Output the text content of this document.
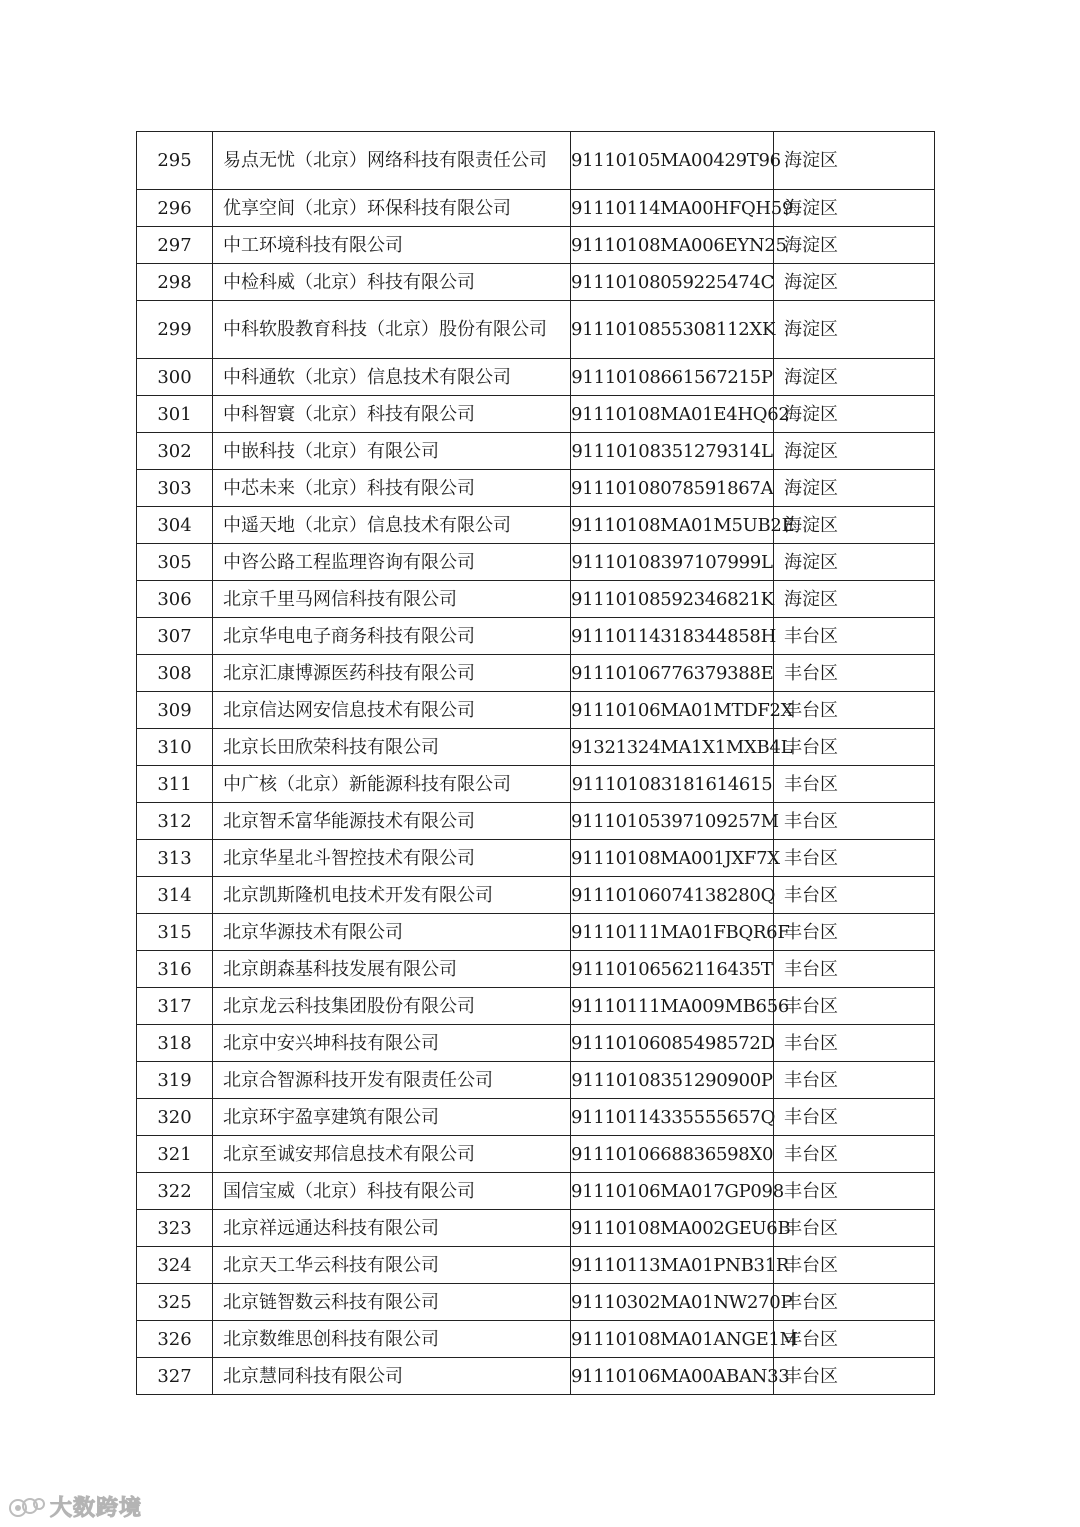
295	易点无忧（北京）网络科技有限责任公司	91110105MA00429T96	海淀区
296	优享空间（北京）环保科技有限公司	91110114MA00HFQH59	海淀区
297	中工环境科技有限公司	91110108MA006EYN25	海淀区
298	中检科威（北京）科技有限公司	91110108059225474C	海淀区
299	中科软股教育科技（北京）股份有限公司	9111010855308112XK	海淀区
300	中科通软（北京）信息技术有限公司	91110108661567215P	海淀区
301	中科智寰（北京）科技有限公司	91110108MA01E4HQ62	海淀区
302	中嵌科技（北京）有限公司	91110108351279314L	海淀区
303	中芯未来（北京）科技有限公司	91110108078591867A	海淀区
304	中遥天地（北京）信息技术有限公司	91110108MA01M5UB2E	海淀区
305	中咨公路工程监理咨询有限公司	91110108397107999L	海淀区
306	北京千里马网信科技有限公司	91110108592346821K	海淀区
307	北京华电电子商务科技有限公司	91110114318344858H	丰台区
308	北京汇康博源医药科技有限公司	91110106776379388E	丰台区
309	北京信达网安信息技术有限公司	91110106MA01MTDF2X	丰台区
310	北京长田欣荣科技有限公司	91321324MA1X1MXB4L	丰台区
311	中广核（北京）新能源科技有限公司	911101083181614615	丰台区
312	北京智禾富华能源技术有限公司	91110105397109257M	丰台区
313	北京华星北斗智控技术有限公司	91110108MA001JXF7X	丰台区
314	北京凯斯隆机电技术开发有限公司	91110106074138280Q	丰台区
315	北京华源技术有限公司	91110111MA01FBQR6F	丰台区
316	北京朗森基科技发展有限公司	91110106562116435T	丰台区
317	北京龙云科技集团股份有限公司	91110111MA009MB656	丰台区
318	北京中安兴坤科技有限公司	91110106085498572D	丰台区
319	北京合智源科技开发有限责任公司	91110108351290900P	丰台区
320	北京环宇盈享建筑有限公司	91110114335555657Q	丰台区
321	北京至诚安邦信息技术有限公司	9111010668836598X0	丰台区
322	国信宝威（北京）科技有限公司	91110106MA017GP098	丰台区
323	北京祥远通达科技有限公司	91110108MA002GEU6B	丰台区
324	北京天工华云科技有限公司	91110113MA01PNB31R	丰台区
325	北京链智数云科技有限公司	91110302MA01NW270P	丰台区
326	北京数维思创科技有限公司	91110108MA01ANGE1M	丰台区
327	北京慧同科技有限公司	91110106MA00ABAN33	丰台区
大数跨境
